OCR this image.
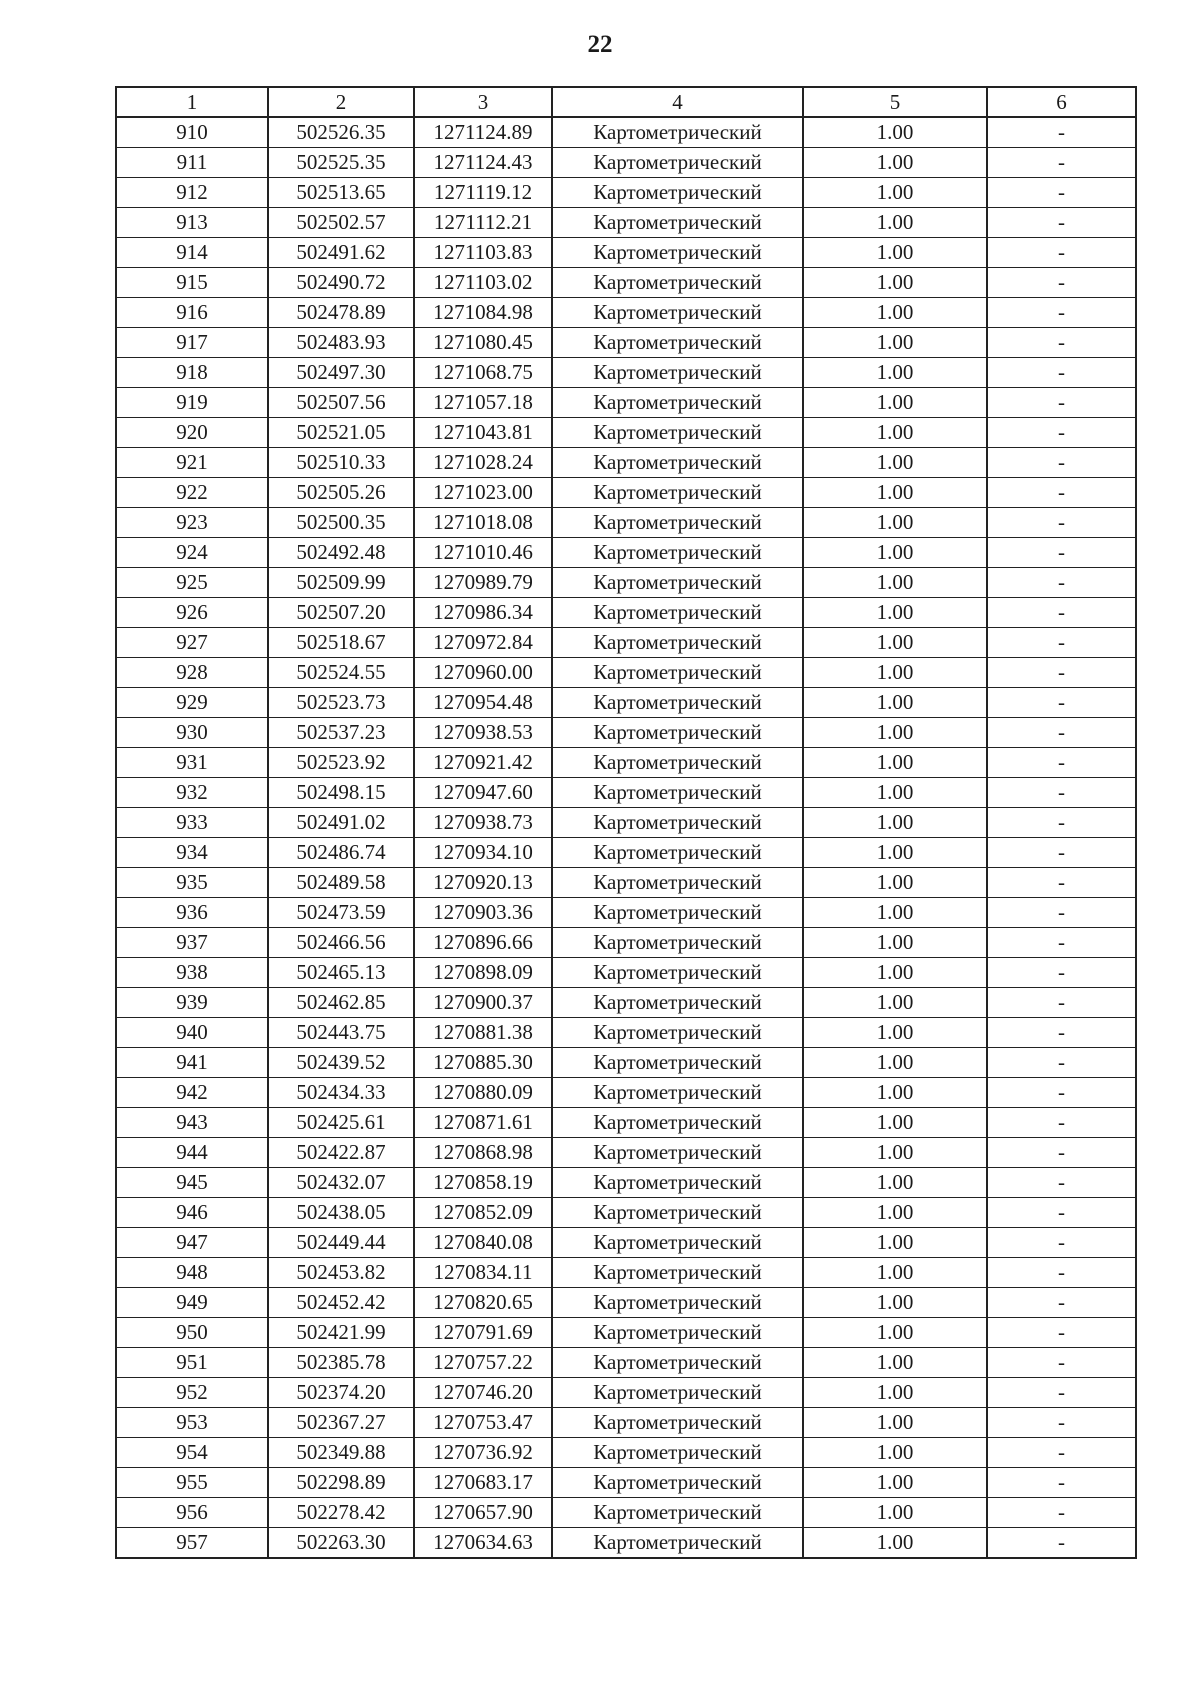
22
1	2	3	4	5	6
910	502526.35	1271124.89	Картометрический	1.00	-
911	502525.35	1271124.43	Картометрический	1.00	-
912	502513.65	1271119.12	Картометрический	1.00	-
913	502502.57	1271112.21	Картометрический	1.00	-
914	502491.62	1271103.83	Картометрический	1.00	-
915	502490.72	1271103.02	Картометрический	1.00	-
916	502478.89	1271084.98	Картометрический	1.00	-
917	502483.93	1271080.45	Картометрический	1.00	-
918	502497.30	1271068.75	Картометрический	1.00	-
919	502507.56	1271057.18	Картометрический	1.00	-
920	502521.05	1271043.81	Картометрический	1.00	-
921	502510.33	1271028.24	Картометрический	1.00	-
922	502505.26	1271023.00	Картометрический	1.00	-
923	502500.35	1271018.08	Картометрический	1.00	-
924	502492.48	1271010.46	Картометрический	1.00	-
925	502509.99	1270989.79	Картометрический	1.00	-
926	502507.20	1270986.34	Картометрический	1.00	-
927	502518.67	1270972.84	Картометрический	1.00	-
928	502524.55	1270960.00	Картометрический	1.00	-
929	502523.73	1270954.48	Картометрический	1.00	-
930	502537.23	1270938.53	Картометрический	1.00	-
931	502523.92	1270921.42	Картометрический	1.00	-
932	502498.15	1270947.60	Картометрический	1.00	-
933	502491.02	1270938.73	Картометрический	1.00	-
934	502486.74	1270934.10	Картометрический	1.00	-
935	502489.58	1270920.13	Картометрический	1.00	-
936	502473.59	1270903.36	Картометрический	1.00	-
937	502466.56	1270896.66	Картометрический	1.00	-
938	502465.13	1270898.09	Картометрический	1.00	-
939	502462.85	1270900.37	Картометрический	1.00	-
940	502443.75	1270881.38	Картометрический	1.00	-
941	502439.52	1270885.30	Картометрический	1.00	-
942	502434.33	1270880.09	Картометрический	1.00	-
943	502425.61	1270871.61	Картометрический	1.00	-
944	502422.87	1270868.98	Картометрический	1.00	-
945	502432.07	1270858.19	Картометрический	1.00	-
946	502438.05	1270852.09	Картометрический	1.00	-
947	502449.44	1270840.08	Картометрический	1.00	-
948	502453.82	1270834.11	Картометрический	1.00	-
949	502452.42	1270820.65	Картометрический	1.00	-
950	502421.99	1270791.69	Картометрический	1.00	-
951	502385.78	1270757.22	Картометрический	1.00	-
952	502374.20	1270746.20	Картометрический	1.00	-
953	502367.27	1270753.47	Картометрический	1.00	-
954	502349.88	1270736.92	Картометрический	1.00	-
955	502298.89	1270683.17	Картометрический	1.00	-
956	502278.42	1270657.90	Картометрический	1.00	-
957	502263.30	1270634.63	Картометрический	1.00	-
